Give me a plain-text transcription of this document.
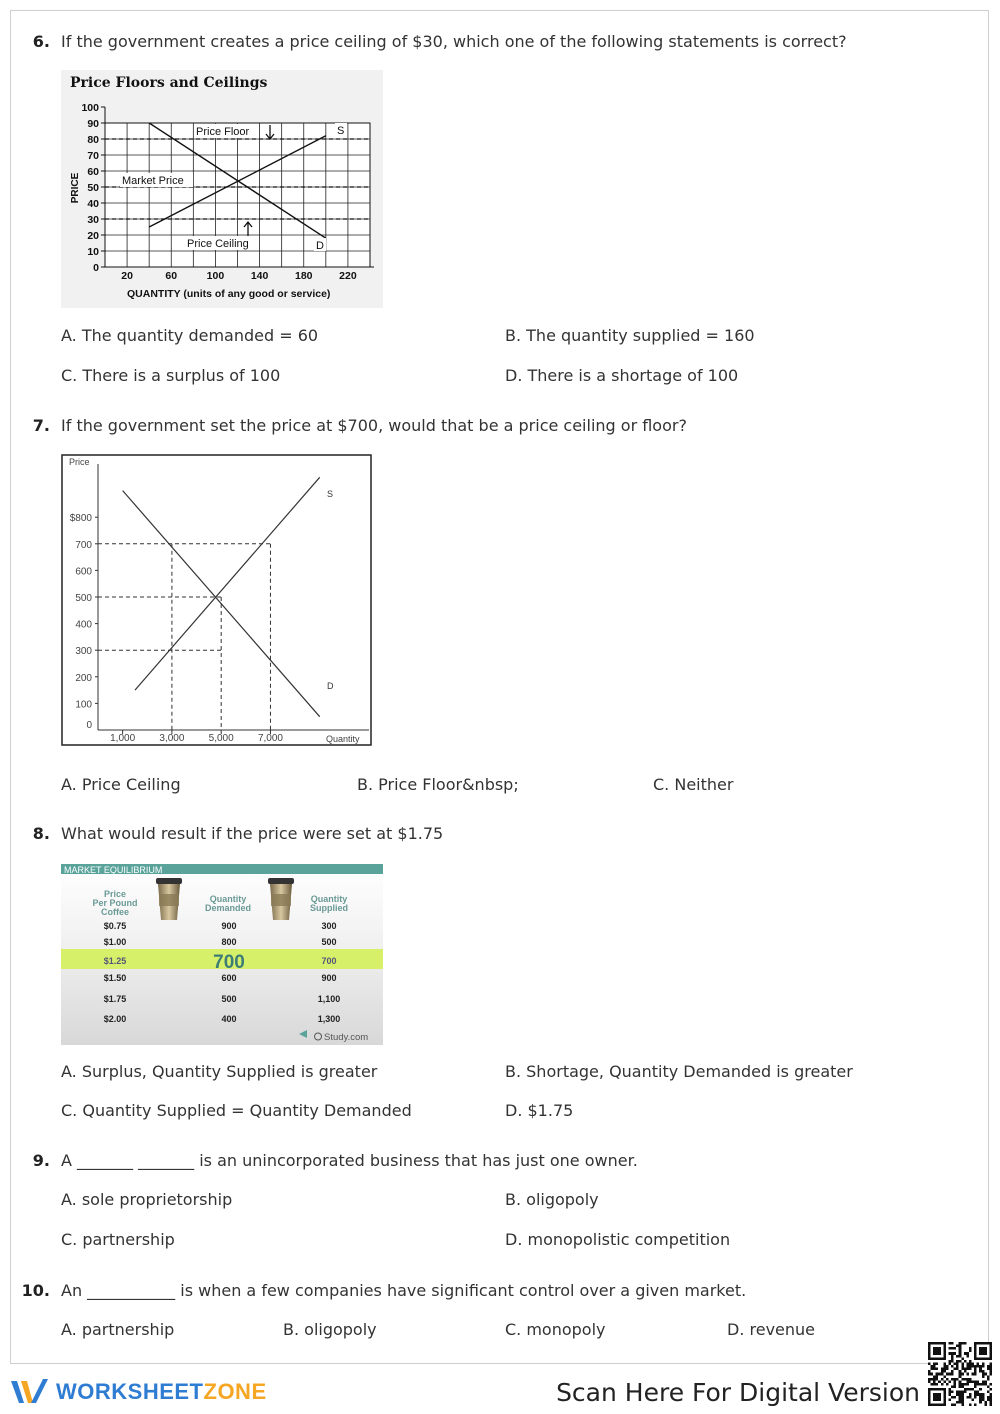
6. If the government creates a price ceiling of $30, which one of the following statements is correct?
Price Floors and Ceilings
PRICE
100
90
80
70
60
50
40
30
20
10
0
20	60	100	140	180	220
Price Floor
Market Price
Price Ceiling
S
D
QUANTITY (units of any good or service)
A. The quantity demanded = 60	B. The quantity supplied = 160
C. There is a surplus of 100	D. There is a shortage of 100
7. If the government set the price at $700, would that be a price ceiling or floor?
Price
$800
700
600
500
400
300
200
100
0
1,000 3,000 5,000 7,000
S
D
Quantity
A. Price Ceiling	B. Price Floor&nbsp;	C. Neither
8. What would result if the price were set at $1.75
MARKET EQUILIBRIUM
Price
Per Pound
Coffee
Quantity
Demanded
Quantity
Supplied
$0.75	900	300
$1.00	800	500
$1.25	700	700
$1.50	600	900
$1.75	500	1,100
$2.00	400	1,300
Study.com
A. Surplus, Quantity Supplied is greater	B. Shortage, Quantity Demanded is greater
C. Quantity Supplied = Quantity Demanded	D. $1.75
9. A _______ _______ is an unincorporated business that has just one owner.
A. sole proprietorship	B. oligopoly
C. partnership	D. monopolistic competition
10. An ___________ is when a few companies have significant control over a given market.
A. partnership	B. oligopoly	C. monopoly	D. revenue
WORKSHEETZONE	Scan Here For Digital Version
